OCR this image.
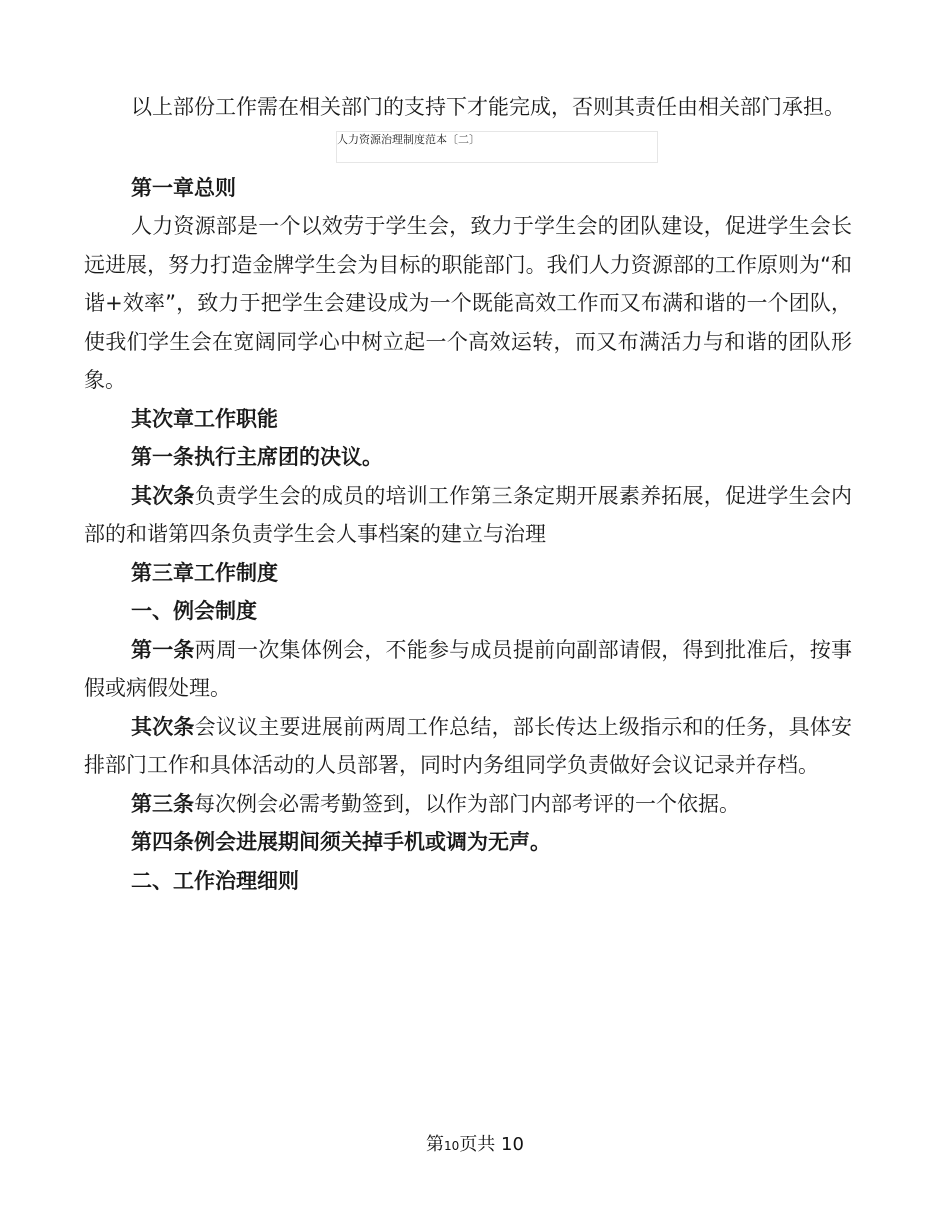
以上部份工作需在相关部门的支持下才能完成，否则其责任由相关部门承担。

人力资源治理制度范本〔二〕

第一章总则

人力资源部是一个以效劳于学生会，致力于学生会的团队建设，促进学生会长远进展，努力打造金牌学生会为目标的职能部门。我们人力资源部的工作原则为“和谐+效率”，致力于把学生会建设成为一个既能高效工作而又布满和谐的一个团队，使我们学生会在宽阔同学心中树立起一个高效运转，而又布满活力与和谐的团队形象。

其次章工作职能

第一条执行主席团的决议。

其次条负责学生会的成员的培训工作第三条定期开展素养拓展，促进学生会内部的和谐第四条负责学生会人事档案的建立与治理

第三章工作制度

一、例会制度

第一条两周一次集体例会，不能参与成员提前向副部请假，得到批准后，按事假或病假处理。

其次条会议议主要进展前两周工作总结，部长传达上级指示和的任务，具体安排部门工作和具体活动的人员部署，同时内务组同学负责做好会议记录并存档。

第三条每次例会必需考勤签到，以作为部门内部考评的一个依据。

第四条例会进展期间须关掉手机或调为无声。

二、工作治理细则

第10页共 10
